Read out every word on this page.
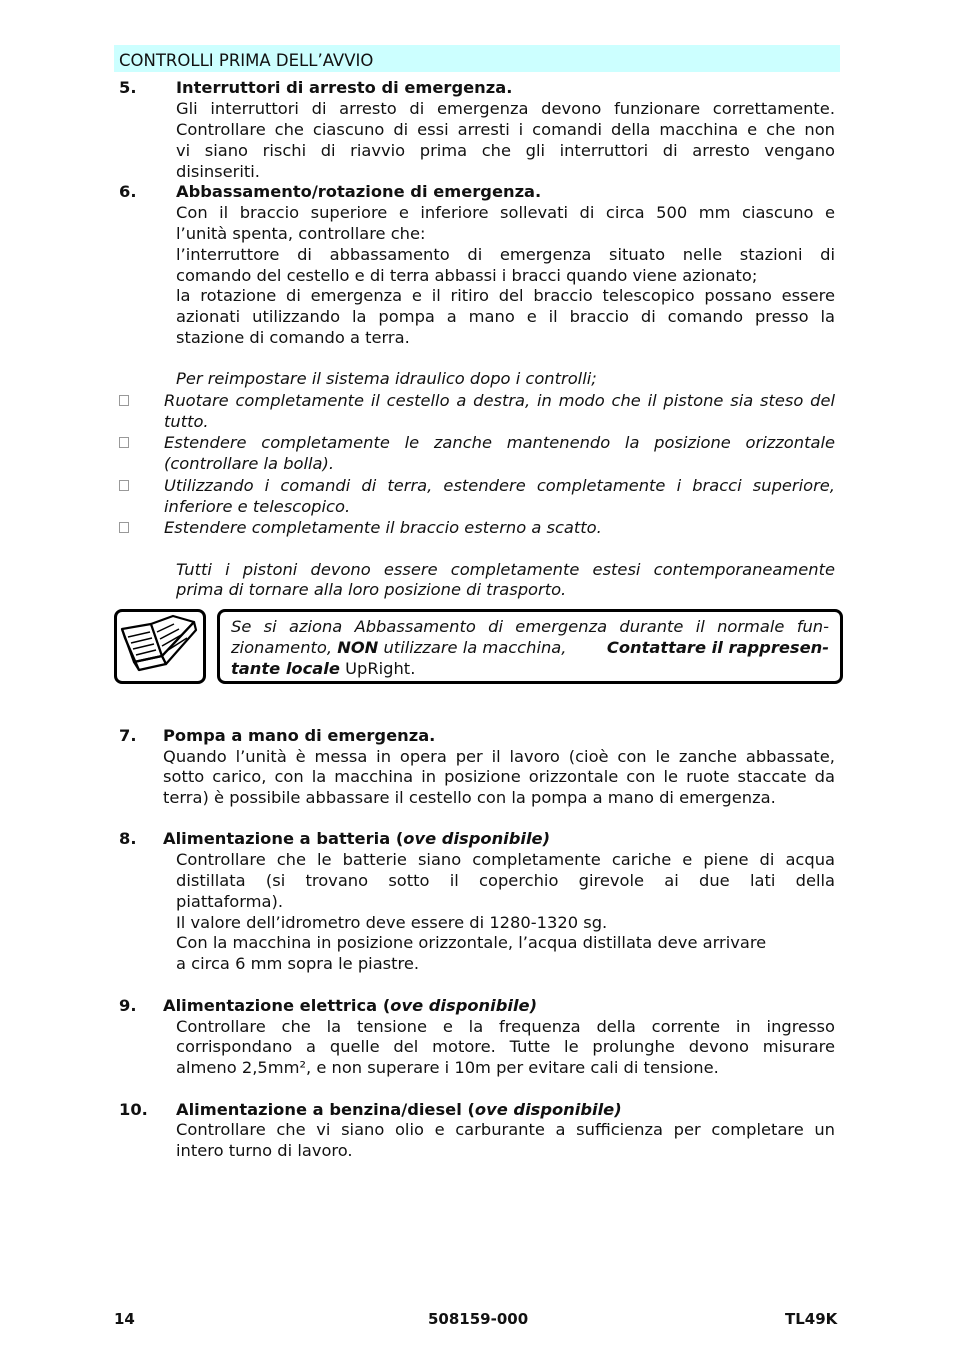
CONTROLLI PRIMA DELL’AVVIO
5. Interruttori di arresto di emergenza.
Gli interruttori di arresto di emergenza devono funzionare correttamente.
Controllare che ciascuno di essi arresti i comandi della macchina e che non
vi siano rischi di riavvio prima che gli interruttori di arresto vengano
disinseriti.
6. Abbassamento/rotazione di emergenza.
Con il braccio superiore e inferiore sollevati di circa 500 mm ciascuno e
l’unità spenta, controllare che:
l’interruttore di abbassamento di emergenza situato nelle stazioni di
comando del cestello e di terra abbassi i bracci quando viene azionato;
la rotazione di emergenza e il ritiro del braccio telescopico possano essere
azionati utilizzando la pompa a mano e il braccio di comando presso la
stazione di comando a terra.
Per reimpostare il sistema idraulico dopo i controlli;
Ruotare completamente il cestello a destra, in modo che il pistone sia steso del
tutto.
Estendere completamente le zanche mantenendo la posizione orizzontale
(controllare la bolla).
Utilizzando i comandi di terra, estendere completamente i bracci superiore,
inferiore e telescopico.
Estendere completamente il braccio esterno a scatto.
Tutti i pistoni devono essere completamente estesi contemporaneamente
prima di tornare alla loro posizione di trasporto.
Se si aziona Abbassamento di emergenza durante il normale fun-
zionamento, NON utilizzare la macchina, Contattare il rappresen-
tante locale UpRight.
7. Pompa a mano di emergenza.
Quando l’unità è messa in opera per il lavoro (cioè con le zanche abbassate,
sotto carico, con la macchina in posizione orizzontale con le ruote staccate da
terra) è possibile abbassare il cestello con la pompa a mano di emergenza.
8. Alimentazione a batteria (ove disponibile)
Controllare che le batterie siano completamente cariche e piene di acqua
distillata (si trovano sotto il coperchio girevole ai due lati della
piattaforma).
Il valore dell’idrometro deve essere di 1280-1320 sg.
Con la macchina in posizione orizzontale, l’acqua distillata deve arrivare
a circa 6 mm sopra le piastre.
9. Alimentazione elettrica (ove disponibile)
Controllare che la tensione e la frequenza della corrente in ingresso
corrispondano a quelle del motore. Tutte le prolunghe devono misurare
almeno 2,5mm², e non superare i 10m per evitare cali di tensione.
10. Alimentazione a benzina/diesel (ove disponibile)
Controllare che vi siano olio e carburante a sufficienza per completare un
intero turno di lavoro.
14	508159-000	TL49K
